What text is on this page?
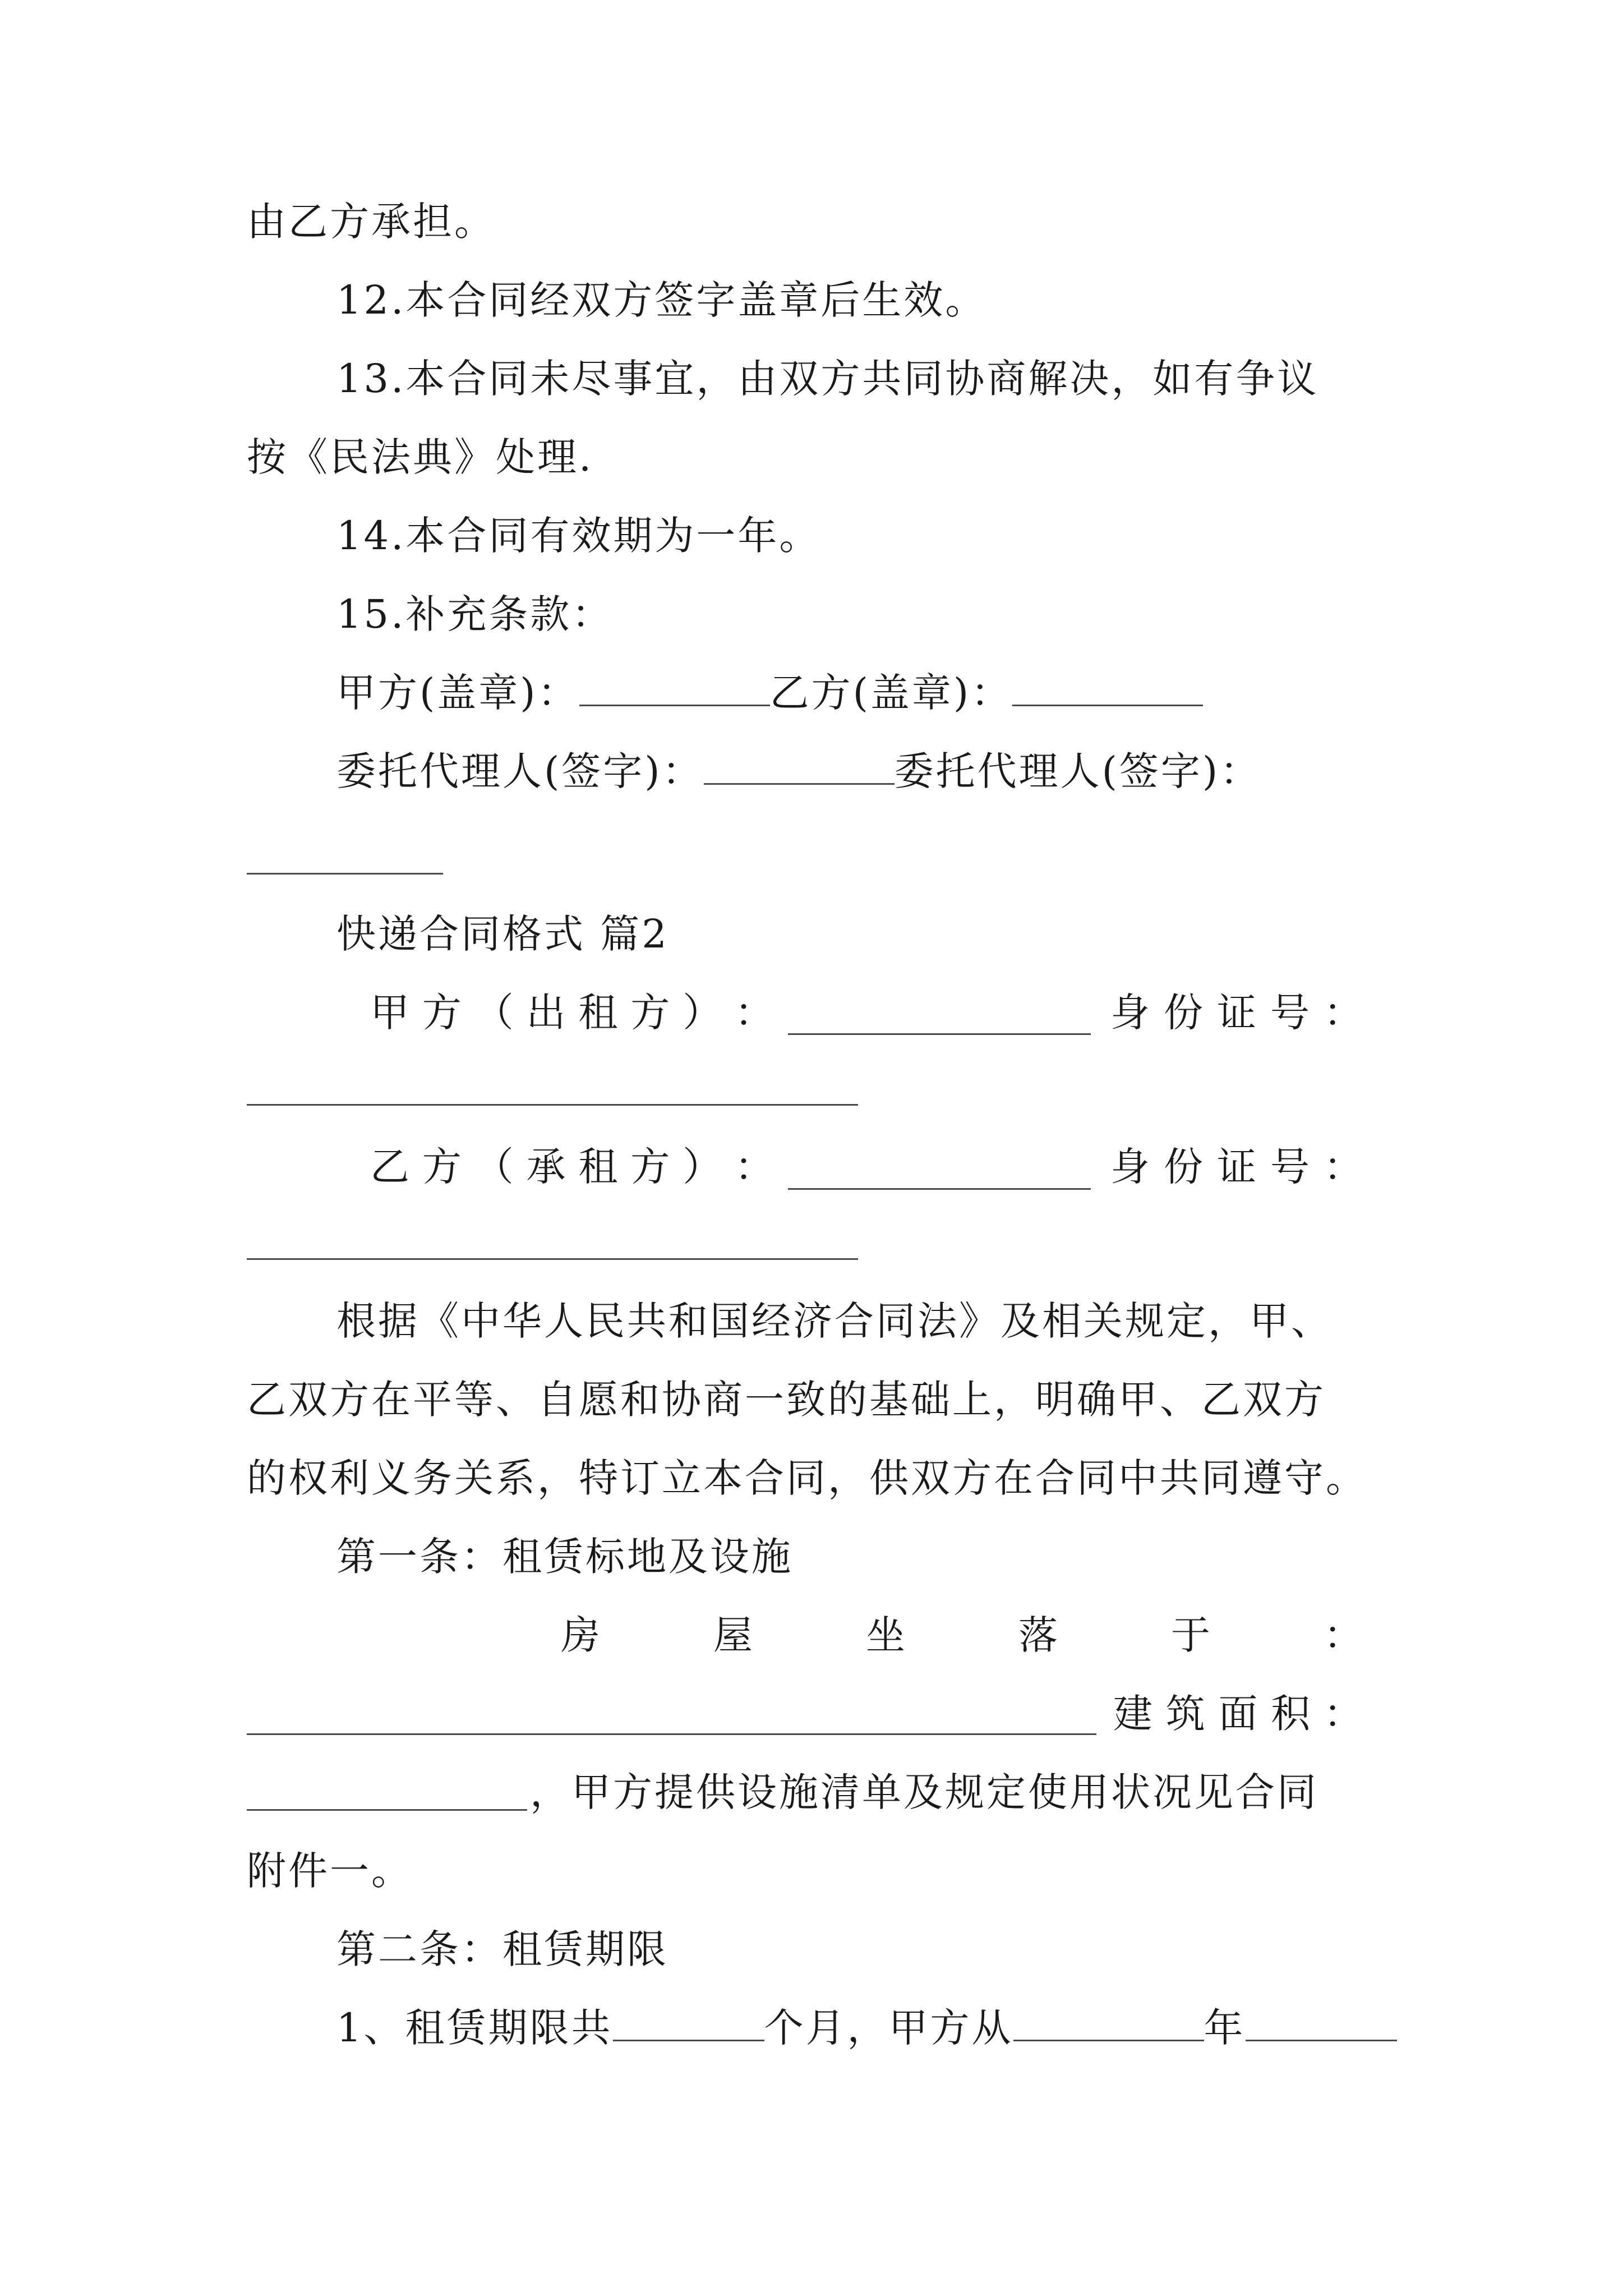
由乙方承担。
12.本合同经双方签字盖章后生效。
13.本合同未尽事宜，由双方共同协商解决，如有争议
按《民法典》处理.
14.本合同有效期为一年。
15.补充条款：
甲方(盖章)：	乙方(盖章)：
委托代理人(签字)：	委托代理人(签字)：
快递合同格式 篇2
甲 方 （ 出 租 方 ） ：	身 份 证 号 ：
乙 方 （ 承 租 方 ） ：	身 份 证 号 ：
根据《中华人民共和国经济合同法》及相关规定，甲、
乙双方在平等、自愿和协商一致的基础上，明确甲、乙双方
的权利义务关系，特订立本合同，供双方在合同中共同遵守。
第一条：租赁标地及设施
房	屋	坐	落	于	：
建 筑 面 积 ：
，甲方提供设施清单及规定使用状况见合同
附件一。
第二条：租赁期限
1、租赁期限共	个月，甲方从	年
